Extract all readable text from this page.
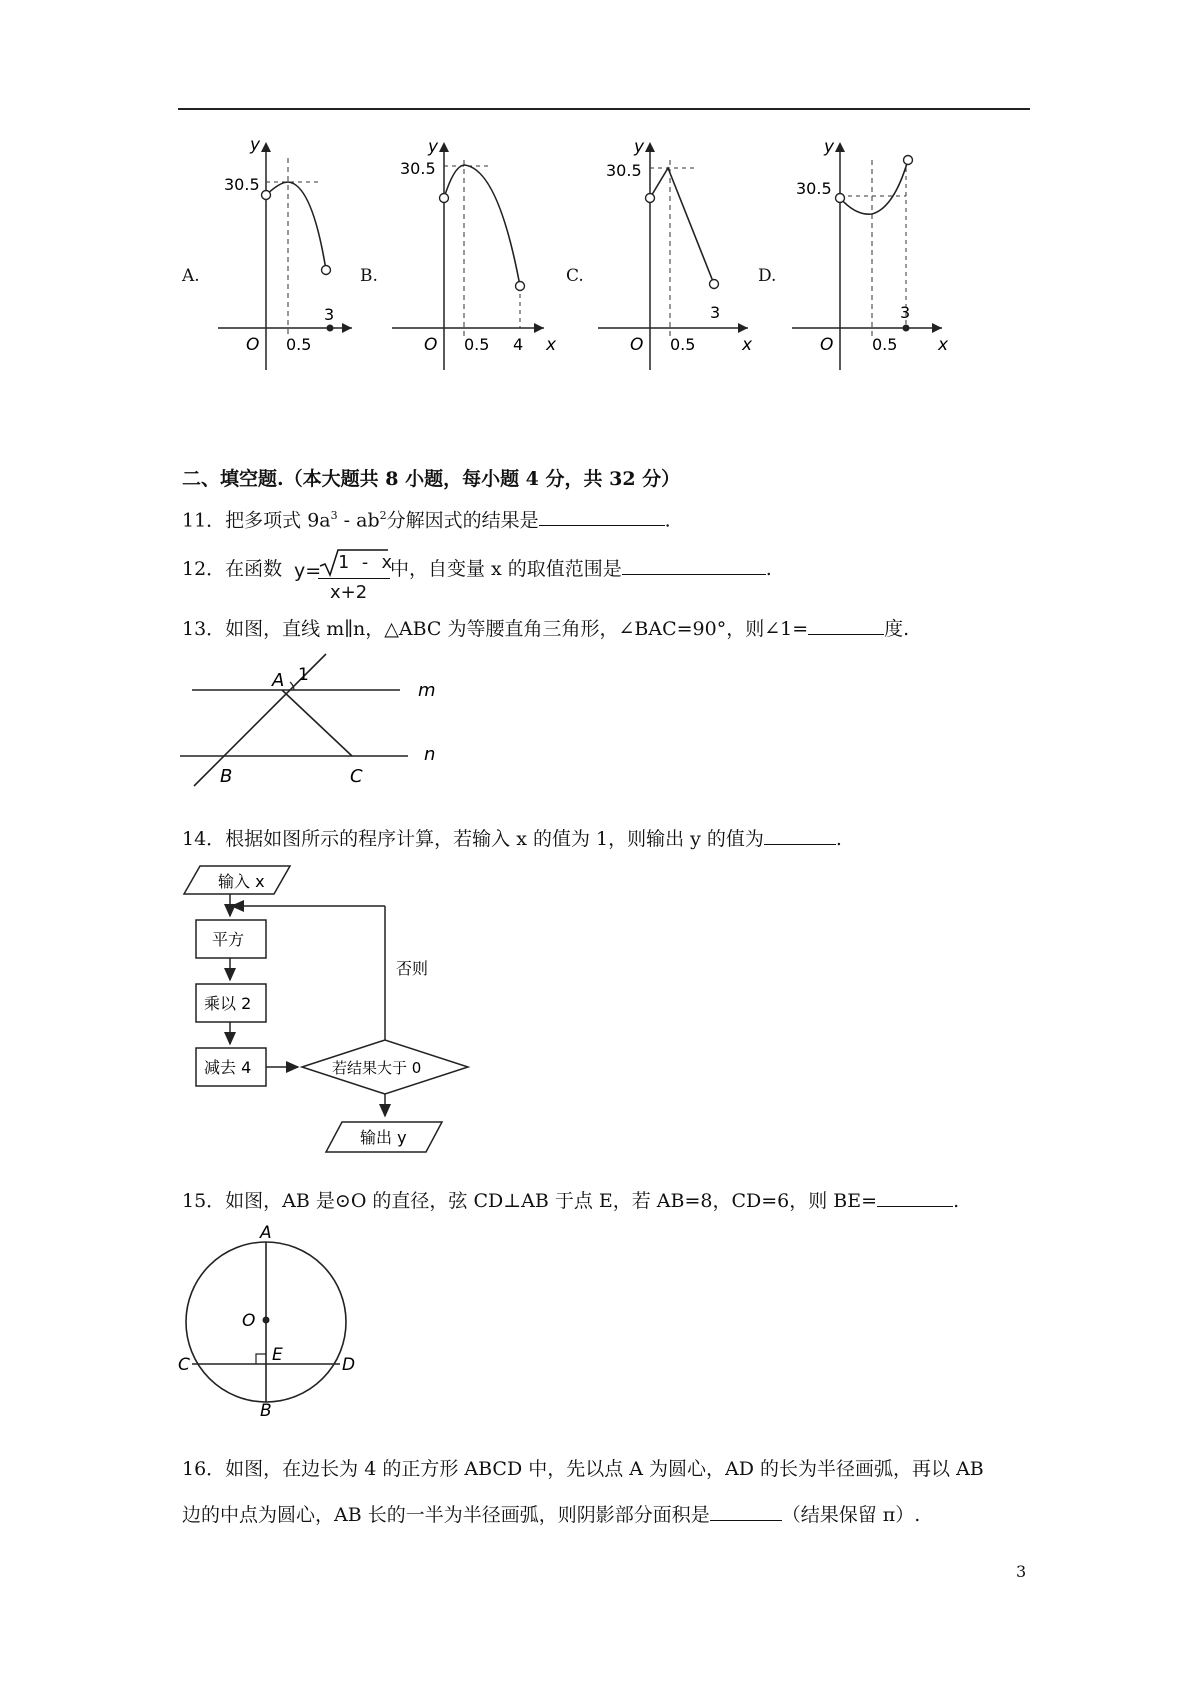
A.	B.	C.	D.
y
30.5
O 0.5
3
y
30.5
O 0.5 4 x
y
30.5
O 0.5
3
x
y
30.5
O 0.5
3
x
二、填空题.（本大题共 8 小题，每小题 4 分，共 32 分）
11．把多项式 $9a^3 - ab^2$分解因式的结果是	.
12．在函数 y= 1 - x
x+2
中，自变量 x 的取值范围是	.
13．如图，直线 m∥n，△ABC 为等腰直角三角形，∠BAC=90°，则∠1=	度.
A 1
m
n
B	C
14．根据如图所示的程序计算，若输入 x 的值为 1，则输出 y 的值为	.
输入 x
平方
乘以 2
减去 4	若结果大于 0
否则
输出 y
15．如图，AB 是⊙O 的直径，弦 CD⊥AB 于点 E，若 AB=8，CD=6，则 BE=	.
A
O
E
C	D
B
16．如图，在边长为 4 的正方形 ABCD 中，先以点 A 为圆心，AD 的长为半径画弧，再以 AB
边的中点为圆心，AB 长的一半为半径画弧，则阴影部分面积是	（结果保留 π）.
3
